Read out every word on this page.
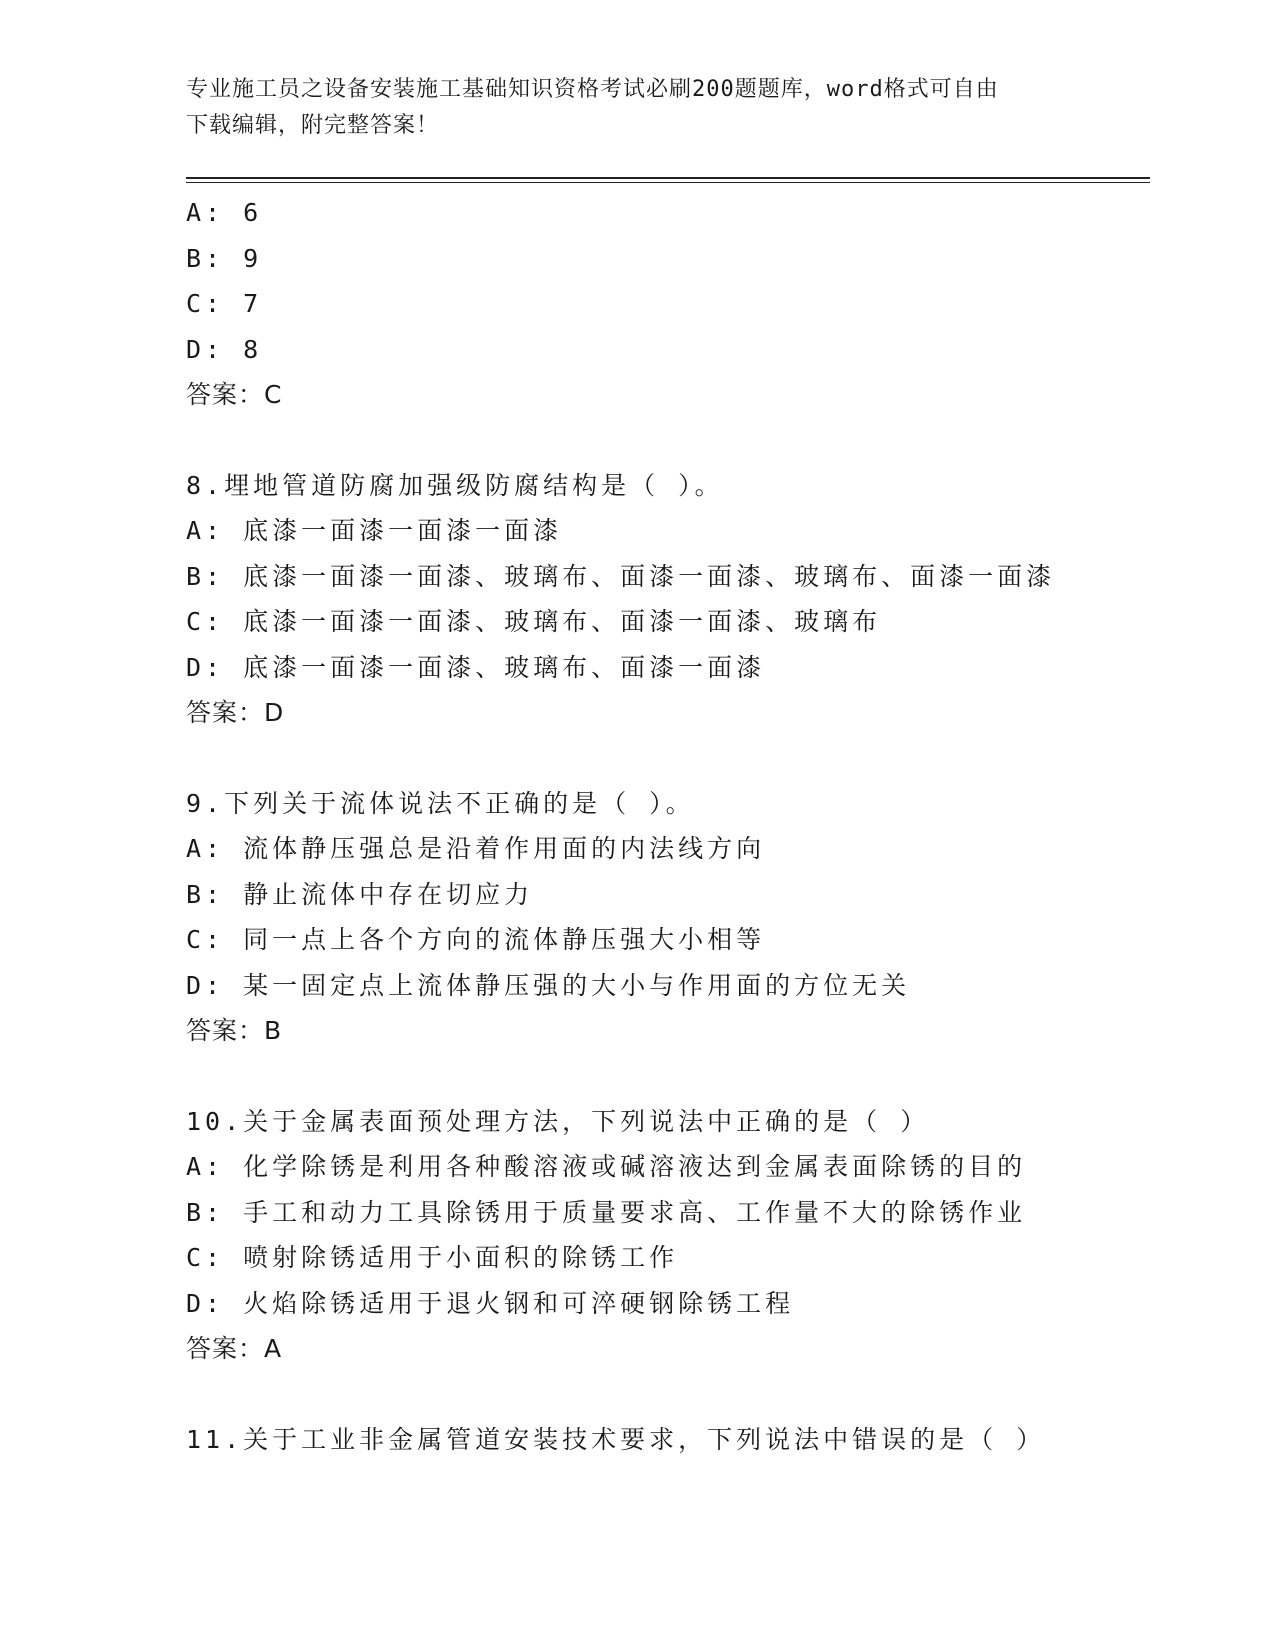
专业施工员之设备安装施工基础知识资格考试必刷200题题库，word格式可自由
下载编辑，附完整答案！
A: 6
B: 9
C: 7
D: 8
答案：C
8.埋地管道防腐加强级防腐结构是（ ）。
A: 底漆一面漆一面漆一面漆
B: 底漆一面漆一面漆、玻璃布、面漆一面漆、玻璃布、面漆一面漆
C: 底漆一面漆一面漆、玻璃布、面漆一面漆、玻璃布
D: 底漆一面漆一面漆、玻璃布、面漆一面漆
答案：D
9.下列关于流体说法不正确的是（ ）。
A: 流体静压强总是沿着作用面的内法线方向
B: 静止流体中存在切应力
C: 同一点上各个方向的流体静压强大小相等
D: 某一固定点上流体静压强的大小与作用面的方位无关
答案：B
10.关于金属表面预处理方法，下列说法中正确的是（ ）
A: 化学除锈是利用各种酸溶液或碱溶液达到金属表面除锈的目的
B: 手工和动力工具除锈用于质量要求高、工作量不大的除锈作业
C: 喷射除锈适用于小面积的除锈工作
D: 火焰除锈适用于退火钢和可淬硬钢除锈工程
答案：A
11.关于工业非金属管道安装技术要求，下列说法中错误的是（ ）
